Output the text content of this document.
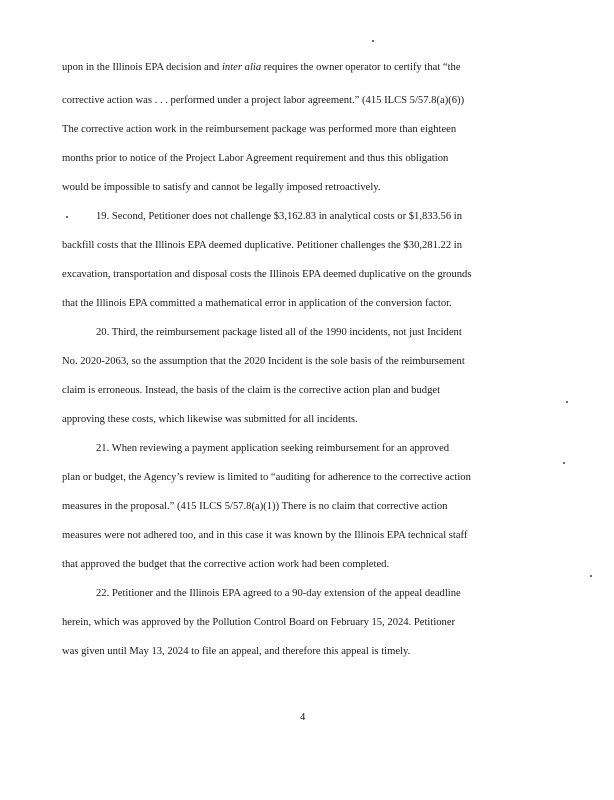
upon in the Illinois EPA decision and inter alia requires the owner operator to certify that “the
corrective action was . . . performed under a project labor agreement.” (415 ILCS 5/57.8(a)(6))
The corrective action work in the reimbursement package was performed more than eighteen
months prior to notice of the Project Labor Agreement requirement and thus this obligation
would be impossible to satisfy and cannot be legally imposed retroactively.
19. Second, Petitioner does not challenge $3,162.83 in analytical costs or $1,833.56 in
backfill costs that the Illinois EPA deemed duplicative. Petitioner challenges the $30,281.22 in
excavation, transportation and disposal costs the Illinois EPA deemed duplicative on the grounds
that the Illinois EPA committed a mathematical error in application of the conversion factor.
20. Third, the reimbursement package listed all of the 1990 incidents, not just Incident
No. 2020-2063, so the assumption that the 2020 Incident is the sole basis of the reimbursement
claim is erroneous. Instead, the basis of the claim is the corrective action plan and budget
approving these costs, which likewise was submitted for all incidents.
21. When reviewing a payment application seeking reimbursement for an approved
plan or budget, the Agency’s review is limited to “auditing for adherence to the corrective action
measures in the proposal.” (415 ILCS 5/57.8(a)(1)) There is no claim that corrective action
measures were not adhered too, and in this case it was known by the Illinois EPA technical staff
that approved the budget that the corrective action work had been completed.
22. Petitioner and the Illinois EPA agreed to a 90-day extension of the appeal deadline
herein, which was approved by the Pollution Control Board on February 15, 2024. Petitioner
was given until May 13, 2024 to file an appeal, and therefore this appeal is timely.
4
